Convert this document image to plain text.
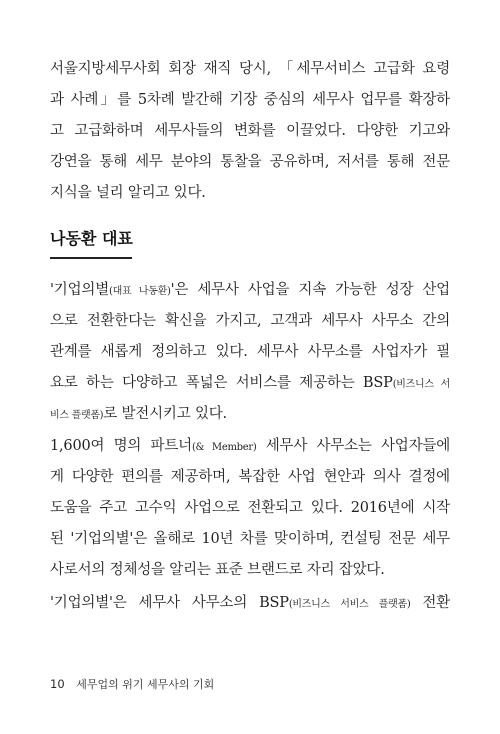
서울지방세무사회 회장 재직 당시, 「세무서비스 고급화 요령
과 사례」를 5차례 발간해 기장 중심의 세무사 업무를 확장하
고 고급화하며 세무사들의 변화를 이끌었다. 다양한 기고와
강연을 통해 세무 분야의 통찰을 공유하며, 저서를 통해 전문
지식을 널리 알리고 있다.
나동환 대표
'기업의별(대표 나동환)'은 세무사 사업을 지속 가능한 성장 산업
으로 전환한다는 확신을 가지고, 고객과 세무사 사무소 간의
관계를 새롭게 정의하고 있다. 세무사 사무소를 사업자가 필
요로 하는 다양하고 폭넓은 서비스를 제공하는 BSP(비즈니스 서
비스 플랫폼)로 발전시키고 있다.
1,600여 명의 파트너(& Member) 세무사 사무소는 사업자들에
게 다양한 편의를 제공하며, 복잡한 사업 현안과 의사 결정에
도움을 주고 고수익 사업으로 전환되고 있다. 2016년에 시작
된 '기업의별'은 올해로 10년 차를 맞이하며, 컨설팅 전문 세무
사로서의 정체성을 알리는 표준 브랜드로 자리 잡았다.
'기업의별'은 세무사 사무소의 BSP(비즈니스 서비스 플랫폼) 전환
10 세무업의 위기 세무사의 기회
